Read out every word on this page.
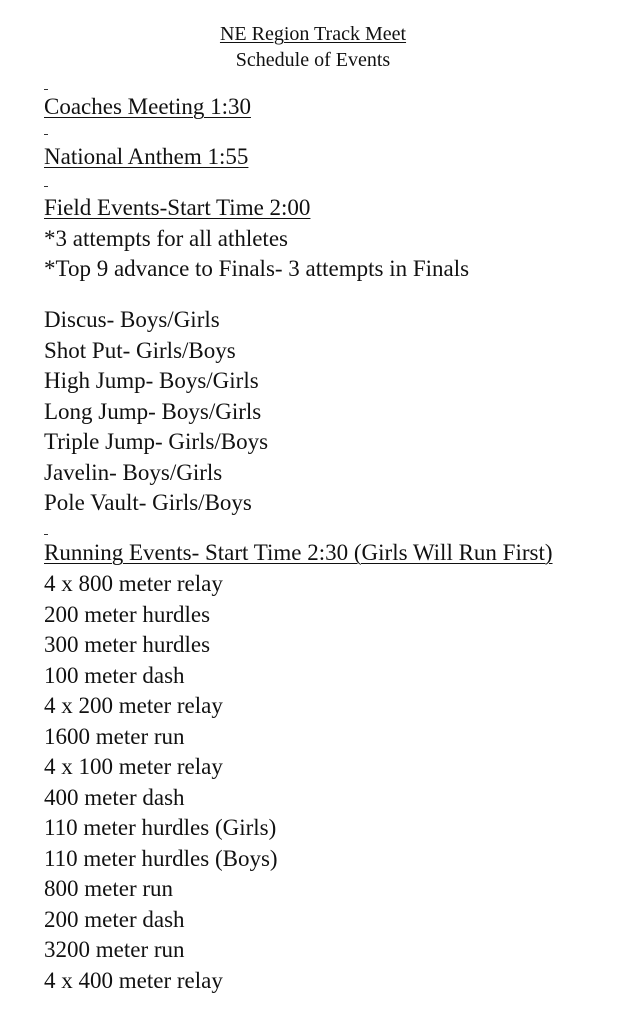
NE Region Track Meet
Schedule of Events
Coaches Meeting 1:30
National Anthem 1:55
Field Events-Start Time 2:00
*3 attempts for all athletes
*Top 9 advance to Finals- 3 attempts in Finals
Discus- Boys/Girls
Shot Put- Girls/Boys
High Jump- Boys/Girls
Long Jump- Boys/Girls
Triple Jump- Girls/Boys
Javelin- Boys/Girls
Pole Vault- Girls/Boys
Running Events- Start Time 2:30 (Girls Will Run First)
4 x 800 meter relay
200 meter hurdles
300 meter hurdles
100 meter dash
4 x 200 meter relay
1600 meter run
4 x 100 meter relay
400 meter dash
110 meter hurdles (Girls)
110 meter hurdles (Boys)
800 meter run
200 meter dash
3200 meter run
4 x 400 meter relay
